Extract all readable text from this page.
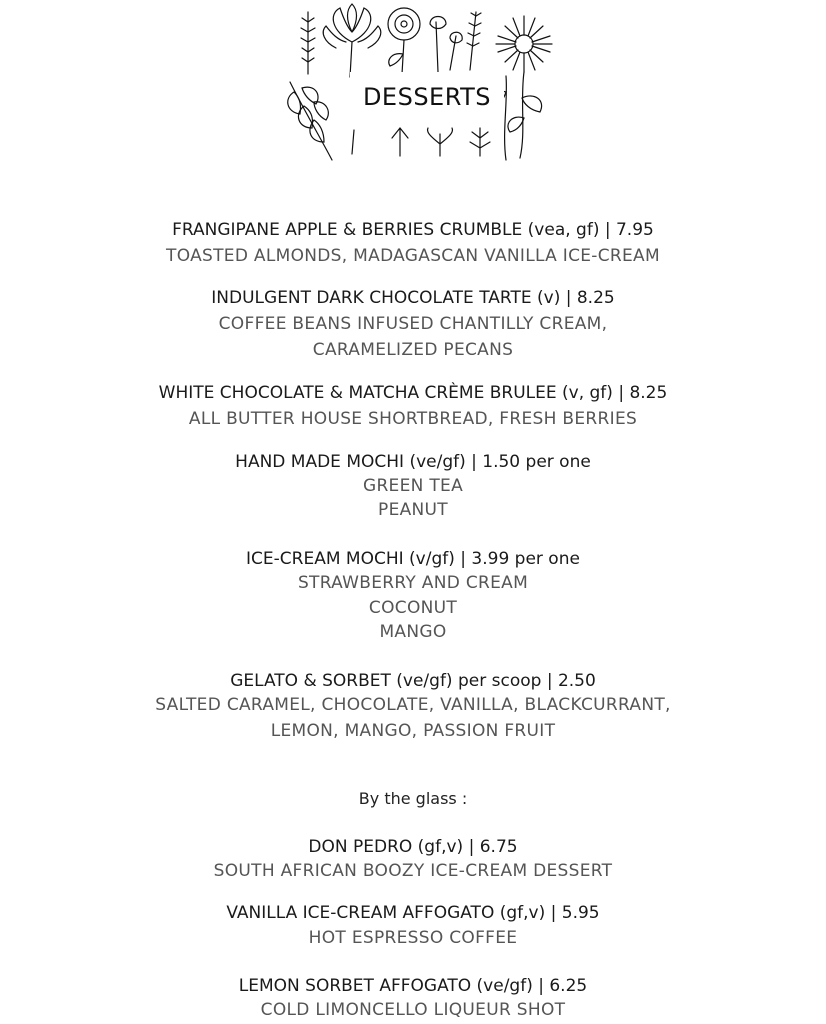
DESSERTS
FRANGIPANE APPLE & BERRIES CRUMBLE (vea, gf) | 7.95
TOASTED ALMONDS, MADAGASCAN VANILLA ICE-CREAM
INDULGENT DARK CHOCOLATE TARTE (v) | 8.25
COFFEE BEANS INFUSED CHANTILLY CREAM,
CARAMELIZED PECANS
WHITE CHOCOLATE & MATCHA CRÈME BRULEE (v, gf) | 8.25
ALL BUTTER HOUSE SHORTBREAD, FRESH BERRIES
HAND MADE MOCHI (ve/gf) | 1.50 per one
GREEN TEA
PEANUT
ICE-CREAM MOCHI (v/gf) | 3.99 per one
STRAWBERRY AND CREAM
COCONUT
MANGO
GELATO & SORBET (ve/gf) per scoop | 2.50
SALTED CARAMEL, CHOCOLATE, VANILLA, BLACKCURRANT,
LEMON, MANGO, PASSION FRUIT
By the glass :
DON PEDRO (gf,v) | 6.75
SOUTH AFRICAN BOOZY ICE-CREAM DESSERT
VANILLA ICE-CREAM AFFOGATO (gf,v) | 5.95
HOT ESPRESSO COFFEE
LEMON SORBET AFFOGATO (ve/gf) | 6.25
COLD LIMONCELLO LIQUEUR SHOT
